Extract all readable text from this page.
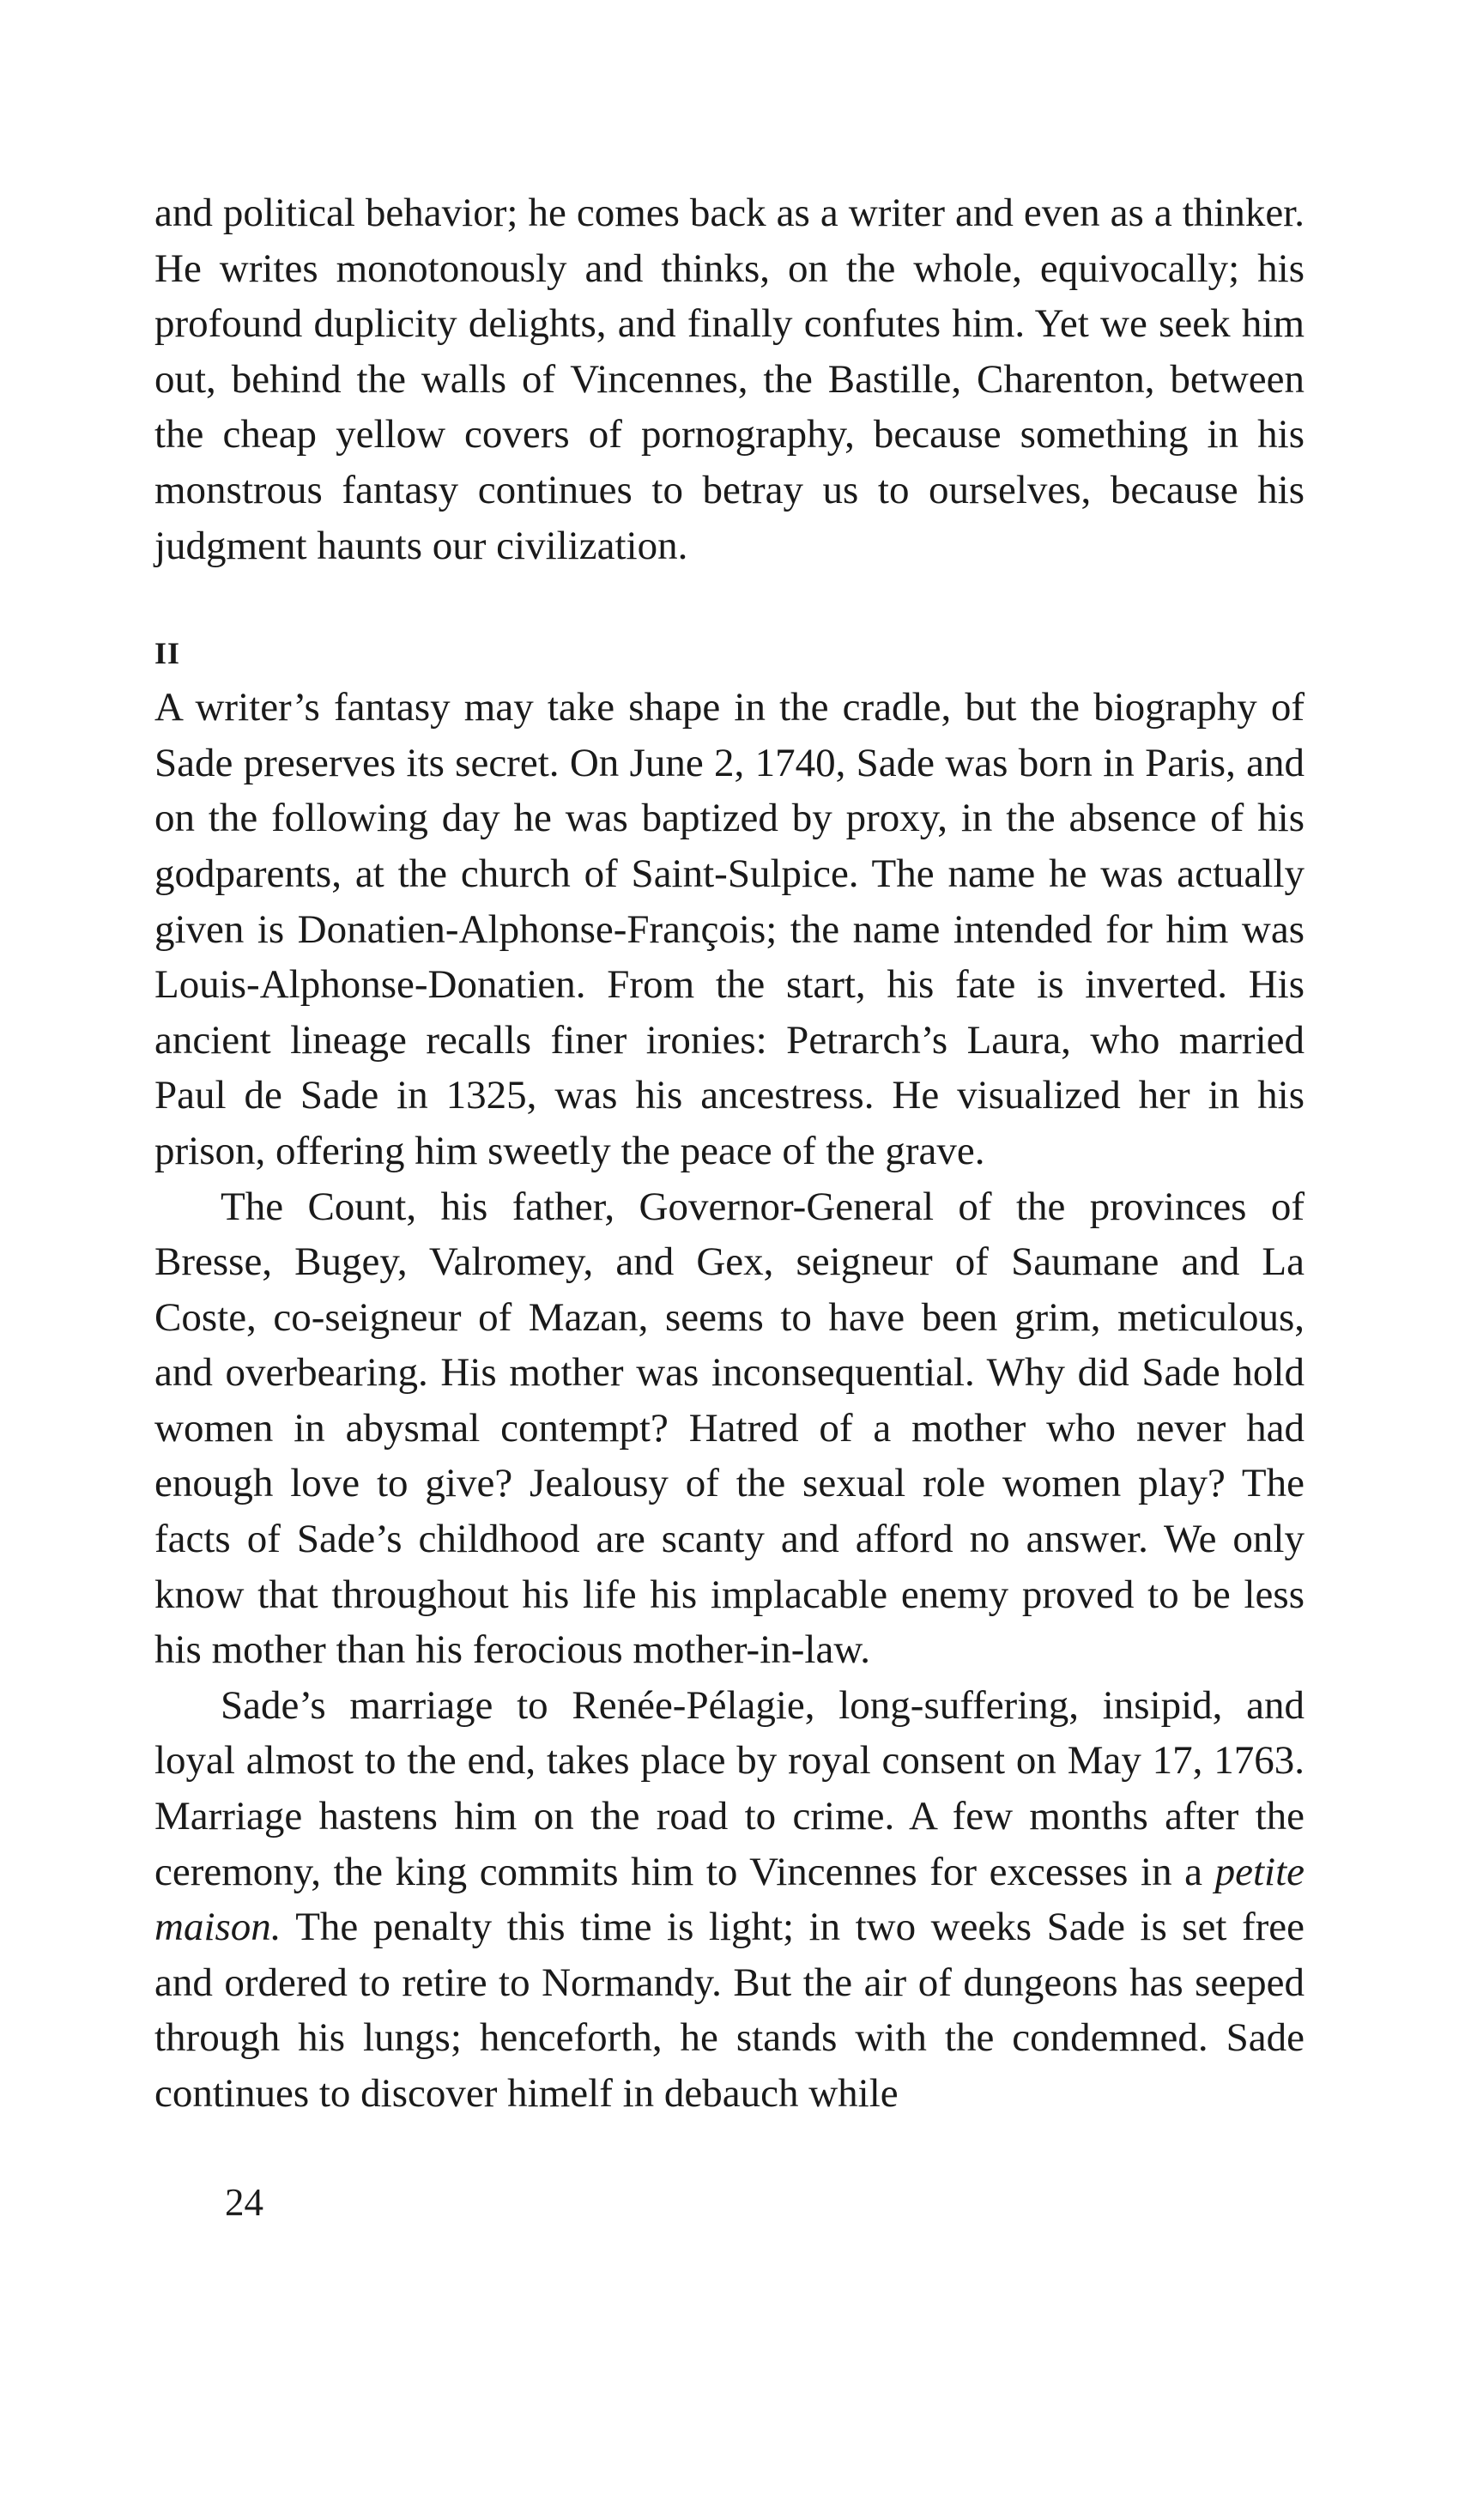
and political behavior; he comes back as a writer and even as a thinker. He writes monotonously and thinks, on the whole, equivocally; his profound duplicity delights, and finally confutes him. Yet we seek him out, behind the walls of Vincennes, the Bastille, Charenton, between the cheap yellow covers of pornography, because something in his monstrous fantasy continues to betray us to ourselves, because his judgment haunts our civilization.

II

A writer’s fantasy may take shape in the cradle, but the biography of Sade preserves its secret. On June 2, 1740, Sade was born in Paris, and on the following day he was baptized by proxy, in the absence of his godparents, at the church of Saint-Sulpice. The name he was actually given is Donatien-Alphonse-François; the name intended for him was Louis-Alphonse-Donatien. From the start, his fate is inverted. His ancient lineage recalls finer ironies: Petrarch’s Laura, who married Paul de Sade in 1325, was his ancestress. He visualized her in his prison, offering him sweetly the peace of the grave.

The Count, his father, Governor-General of the provinces of Bresse, Bugey, Valromey, and Gex, seigneur of Saumane and La Coste, co-seigneur of Mazan, seems to have been grim, meticulous, and overbearing. His mother was inconsequential. Why did Sade hold women in abysmal contempt? Hatred of a mother who never had enough love to give? Jealousy of the sexual role women play? The facts of Sade’s childhood are scanty and afford no answer. We only know that throughout his life his implacable enemy proved to be less his mother than his ferocious mother-in-law.

Sade’s marriage to Renée-Pélagie, long-suffering, insipid, and loyal almost to the end, takes place by royal consent on May 17, 1763. Marriage hastens him on the road to crime. A few months after the ceremony, the king commits him to Vincennes for excesses in a petite maison. The penalty this time is light; in two weeks Sade is set free and ordered to retire to Normandy. But the air of dungeons has seeped through his lungs; henceforth, he stands with the condemned. Sade continues to discover himelf in debauch while

24
